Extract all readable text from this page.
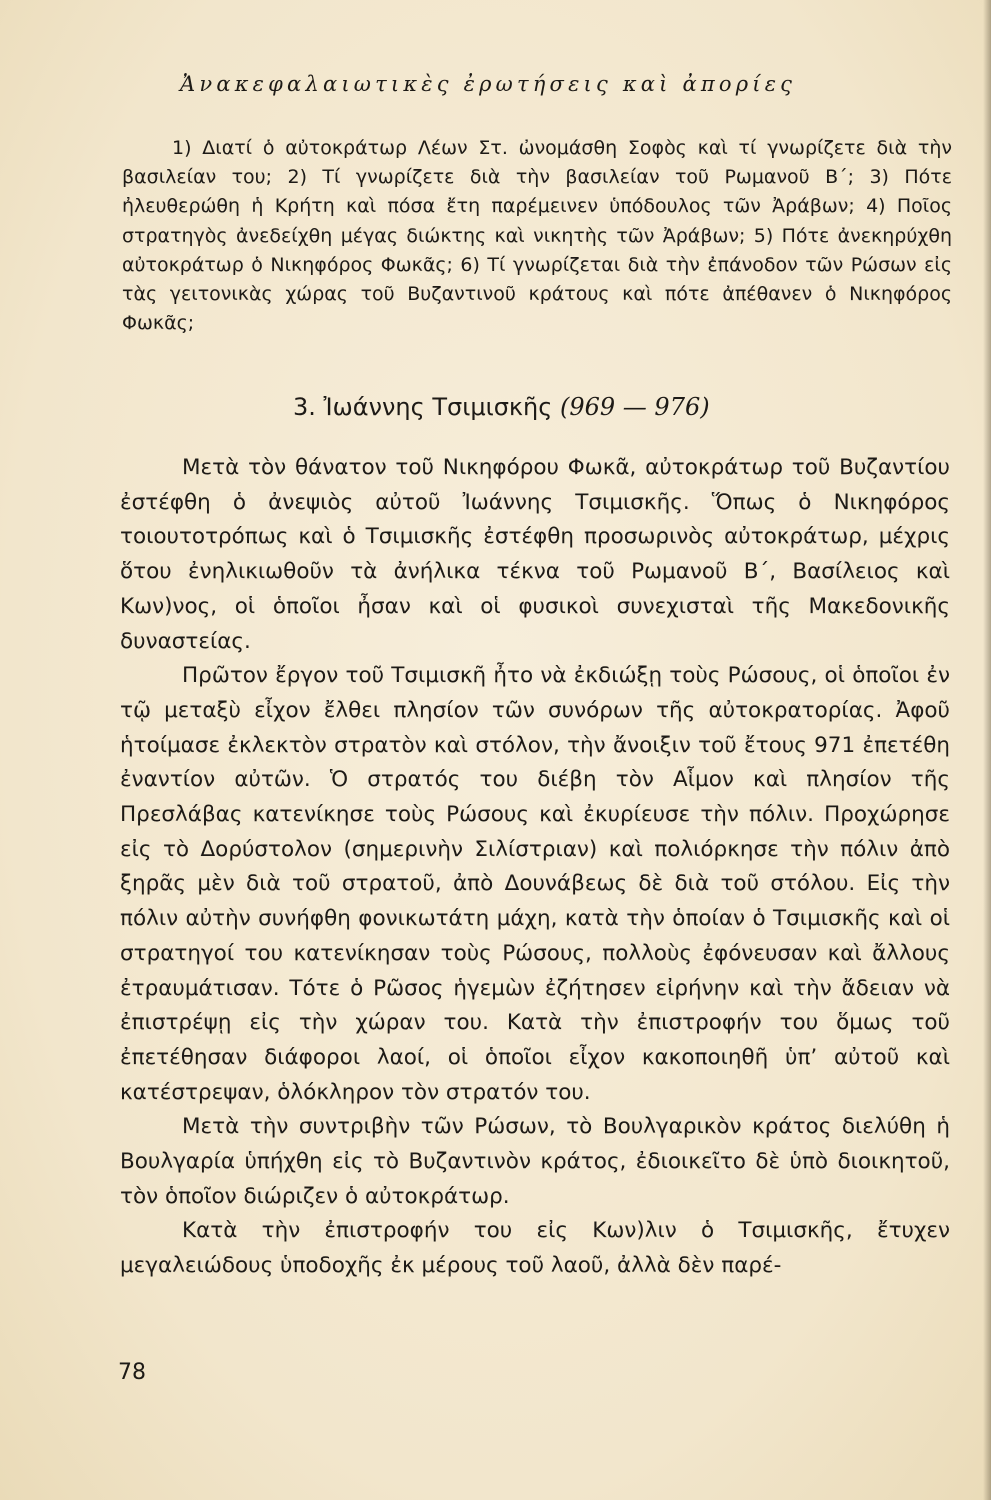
Ἀνακεφαλαιωτικὲς ἐρωτήσεις καὶ ἀπορίες

1) Διατί ὁ αὐτοκράτωρ Λέων Στ. ὠνομάσθη Σοφὸς καὶ τί γνωρίζετε διὰ τὴν βασιλείαν του; 2) Τί γνωρίζετε διὰ τὴν βασιλείαν τοῦ Ρωμανοῦ Β΄; 3) Πότε ἠλευθερώθη ἡ Κρήτη καὶ πόσα ἔτη παρέμεινεν ὑπόδουλος τῶν Ἀράβων; 4) Ποῖος στρατηγὸς ἀνεδείχθη μέγας διώκτης καὶ νικητὴς τῶν Ἀράβων; 5) Πότε ἀνεκηρύχθη αὐτοκράτωρ ὁ Νικηφόρος Φωκᾶς; 6) Τί γνωρίζεται διὰ τὴν ἐπάνοδον τῶν Ρώσων εἰς τὰς γειτονικὰς χώρας τοῦ Βυζαντινοῦ κράτους καὶ πότε ἀπέθανεν ὁ Νικηφόρος Φωκᾶς;

3. Ἰωάννης Τσιμισκῆς (969 — 976)

Μετὰ τὸν θάνατον τοῦ Νικηφόρου Φωκᾶ, αὐτοκράτωρ τοῦ Βυζαντίου ἐστέφθη ὁ ἀνεψιὸς αὐτοῦ Ἰωάννης Τσιμισκῆς. Ὅπως ὁ Νικηφόρος τοιουτοτρόπως καὶ ὁ Τσιμισκῆς ἐστέφθη προσωρινὸς αὐτοκράτωρ, μέχρις ὅτου ἐνηλικιωθοῦν τὰ ἀνήλικα τέκνα τοῦ Ρωμανοῦ Β΄, Βασίλειος καὶ Κων)νος, οἱ ὁποῖοι ἦσαν καὶ οἱ φυσικοὶ συνεχισταὶ τῆς Μακεδονικῆς δυναστείας.

Πρῶτον ἔργον τοῦ Τσιμισκῆ ἦτο νὰ ἐκδιώξῃ τοὺς Ρώσους, οἱ ὁποῖοι ἐν τῷ μεταξὺ εἶχον ἔλθει πλησίον τῶν συνόρων τῆς αὐτοκρατορίας. Ἀφοῦ ἡτοίμασε ἐκλεκτὸν στρατὸν καὶ στόλον, τὴν ἄνοιξιν τοῦ ἔτους 971 ἐπετέθη ἐναντίον αὐτῶν. Ὁ στρατός του διέβη τὸν Αἷμον καὶ πλησίον τῆς Πρεσλάβας κατενίκησε τοὺς Ρώσους καὶ ἐκυρίευσε τὴν πόλιν. Προχώρησε εἰς τὸ Δορύστολον (σημερινὴν Σιλίστριαν) καὶ πολιόρκησε τὴν πόλιν ἀπὸ ξηρᾶς μὲν διὰ τοῦ στρατοῦ, ἀπὸ Δουνάβεως δὲ διὰ τοῦ στόλου. Εἰς τὴν πόλιν αὐτὴν συνήφθη φονικωτάτη μάχη, κατὰ τὴν ὁποίαν ὁ Τσιμισκῆς καὶ οἱ στρατηγοί του κατενίκησαν τοὺς Ρώσους, πολλοὺς ἐφόνευσαν καὶ ἄλλους ἐτραυμάτισαν. Τότε ὁ Ρῶσος ἡγεμὼν ἐζήτησεν εἰρήνην καὶ τὴν ἄδειαν νὰ ἐπιστρέψῃ εἰς τὴν χώραν του. Κατὰ τὴν ἐπιστροφήν του ὅμως τοῦ ἐπετέθησαν διάφοροι λαοί, οἱ ὁποῖοι εἶχον κακοποιηθῆ ὑπ’ αὐτοῦ καὶ κατέστρεψαν, ὁλόκληρον τὸν στρατόν του.

Μετὰ τὴν συντριβὴν τῶν Ρώσων, τὸ Βουλγαρικὸν κράτος διελύθη ἡ Βουλγαρία ὑπήχθη εἰς τὸ Βυζαντινὸν κράτος, ἐδιοικεῖτο δὲ ὑπὸ διοικητοῦ, τὸν ὁποῖον διώριζεν ὁ αὐτοκράτωρ.

Κατὰ τὴν ἐπιστροφήν του εἰς Κων)λιν ὁ Τσιμισκῆς, ἔτυχεν μεγαλειώδους ὑποδοχῆς ἐκ μέρους τοῦ λαοῦ, ἀλλὰ δὲν παρέ-

78
